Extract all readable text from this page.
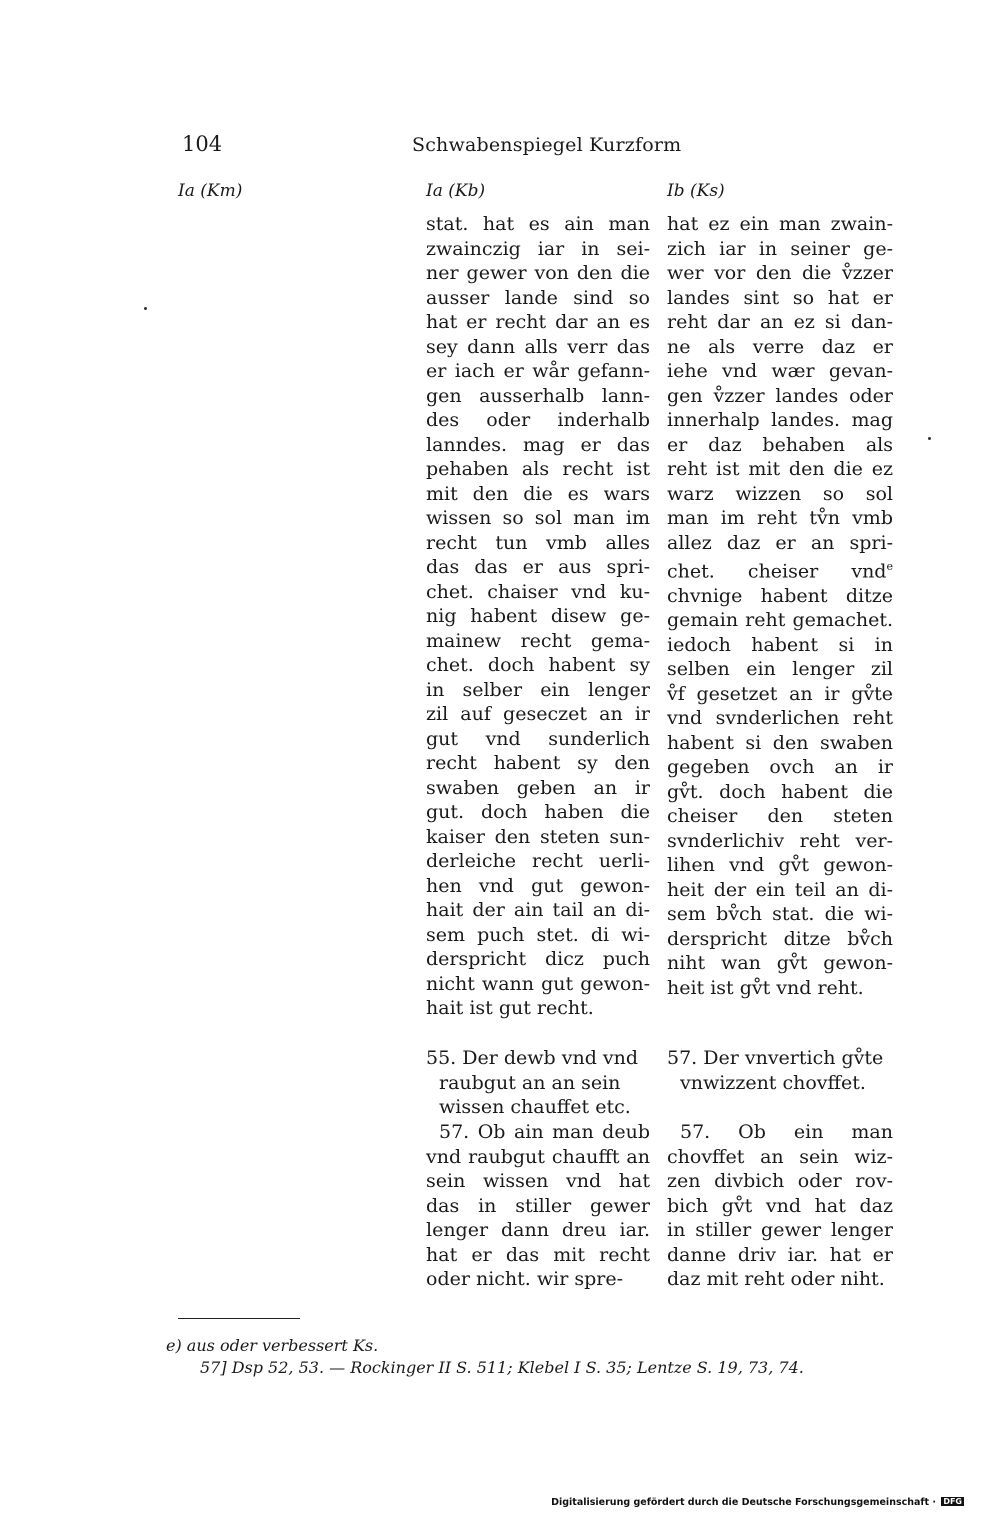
104	Schwabenspiegel Kurzform
Ia (Km)	Ia (Kb)	Ib (Ks)
stat. hat es ain man
zwainczig iar in sei-
ner gewer von den die
ausser lande sind so
hat er recht dar an es
sey dann alls verr das
er iach er wår gefann-
gen ausserhalb lann-
des oder inderhalb
lanndes. mag er das
pehaben als recht ist
mit den die es wars
wissen so sol man im
recht tun vmb alles
das das er aus spri-
chet. chaiser vnd ku-
nig habent disew ge-
mainew recht gema-
chet. doch habent sy
in selber ein lenger
zil auf geseczet an ir
gut vnd sunderlich
recht habent sy den
swaben geben an ir
gut. doch haben die
kaiser den steten sun-
derleiche recht uerli-
hen vnd gut gewon-
hait der ain tail an di-
sem puch stet. di wi-
derspricht dicz puch
nicht wann gut gewon-
hait ist gut recht.
hat ez ein man zwain-
zich iar in seiner ge-
wer vor den die v̊zzer
landes sint so hat er
reht dar an ez si dan-
ne als verre daz er
iehe vnd wær gevan-
gen v̊zzer landes oder
innerhalp landes. mag
er daz behaben als
reht ist mit den die ez
warz wizzen so sol
man im reht tv̊n vmb
allez daz er an spri-
chet. cheiser vnd$^e$
chvnige habent ditze
gemain reht gemachet.
iedoch habent si in
selben ein lenger zil
v̊f gesetzet an ir gv̊te
vnd svnderlichen reht
habent si den swaben
gegeben ovch an ir
gv̊t. doch habent die
cheiser den steten
svnderlichiv reht ver-
lihen vnd gv̊t gewon-
heit der ein teil an di-
sem bv̊ch stat. die wi-
derspricht ditze bv̊ch
niht wan gv̊t gewon-
heit ist gv̊t vnd reht.
55. Der dewb vnd vnd
raubgut an an sein
wissen chauffet etc.
57. Ob ain man deub
vnd raubgut chaufft an
sein wissen vnd hat
das in stiller gewer
lenger dann dreu iar.
hat er das mit recht
oder nicht. wir spre-
57. Der vnvertich gv̊te
vnwizzent chovffet.
57. Ob ein man
chovffet an sein wiz-
zen divbich oder rov-
bich gv̊t vnd hat daz
in stiller gewer lenger
danne driv iar. hat er
daz mit reht oder niht.
e) aus oder verbessert Ks.
57] Dsp 52, 53. — Rockinger II S. 511; Klebel I S. 35; Lentze S. 19, 73, 74.
Digitalisierung gefördert durch die Deutsche Forschungsgemeinschaft · DFG
